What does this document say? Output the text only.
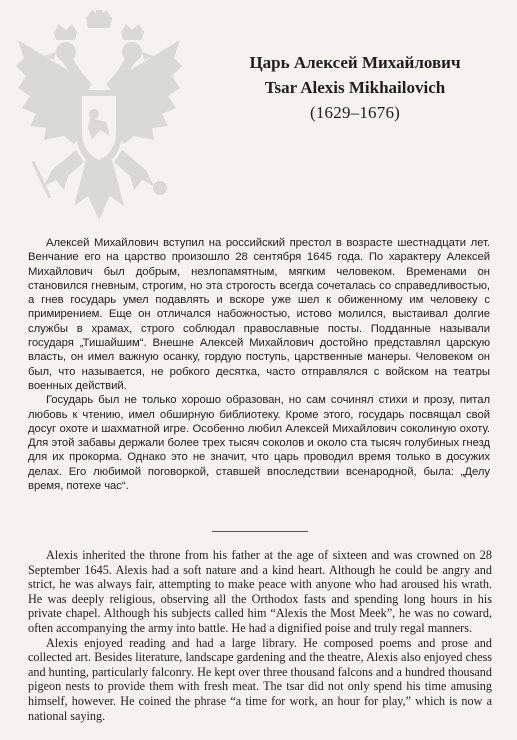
Царь Алексей Михайлович
Tsar Alexis Mikhailovich
(1629–1676)

Алексей Михайлович вступил на российский престол в возрасте шестнадцати лет. Венчание его на царство произошло 28 сентября 1645 года. По характеру Алексей Михайлович был добрым, незлопамятным, мягким человеком. Временами он становился гневным, строгим, но эта строгость всегда сочеталась со справедливостью, а гнев государь умел подавлять и вскоре уже шел к обиженному им человеку с примирением. Еще он отличался набожностью, истово молился, выстаивал долгие службы в храмах, строго соблюдал православные посты. Подданные называли государя „Тишайшим“. Внешне Алексей Михайлович достойно представлял царскую власть, он имел важную осанку, гордую поступь, царственные манеры. Человеком он был, что называется, не робкого десятка, часто отправлялся с войском на театры военных действий.

Государь был не только хорошо образован, но сам сочинял стихи и прозу, питал любовь к чтению, имел обширную библиотеку. Кроме этого, государь посвящал свой досуг охоте и шахматной игре. Особенно любил Алексей Михайлович соколиную охоту. Для этой забавы держали более трех тысяч соколов и около ста тысяч голубиных гнезд для их прокорма. Однако это не значит, что царь проводил время только в досужих делах. Его любимой поговоркой, ставшей впоследствии всенародной, была: „Делу время, потехе час“.

Alexis inherited the throne from his father at the age of sixteen and was crowned on 28 September 1645. Alexis had a soft nature and a kind heart. Although he could be angry and strict, he was always fair, attempting to make peace with anyone who had aroused his wrath. He was deeply religious, observing all the Orthodox fasts and spending long hours in his private chapel. Although his subjects called him “Alexis the Most Meek”, he was no coward, often accompanying the army into battle. He had a dignified poise and truly regal manners.

Alexis enjoyed reading and had a large library. He composed poems and prose and collected art. Besides literature, landscape gardening and the theatre, Alexis also enjoyed chess and hunting, particularly falconry. He kept over three thousand falcons and a hundred thousand pigeon nests to provide them with fresh meat. The tsar did not only spend his time amusing himself, however. He coined the phrase “a time for work, an hour for play,” which is now a national saying.
